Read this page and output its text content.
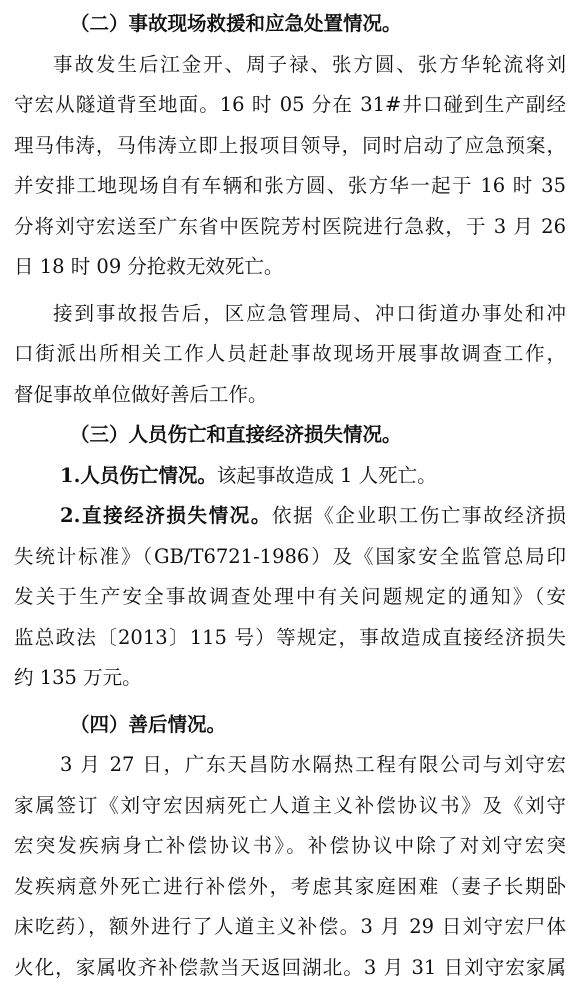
（二）事故现场救援和应急处置情况。
事故发生后江金开、周子禄、张方圆、张方华轮流将刘
守宏从隧道背至地面。16 时 05 分在 31#井口碰到生产副经
理马伟涛，马伟涛立即上报项目领导，同时启动了应急预案，
并安排工地现场自有车辆和张方圆、张方华一起于 16 时 35
分将刘守宏送至广东省中医院芳村医院进行急救，于 3 月 26
日 18 时 09 分抢救无效死亡。
接到事故报告后，区应急管理局、冲口街道办事处和冲
口街派出所相关工作人员赶赴事故现场开展事故调查工作，
督促事故单位做好善后工作。
（三）人员伤亡和直接经济损失情况。
1.人员伤亡情况。该起事故造成 1 人死亡。
2.直接经济损失情况。依据《企业职工伤亡事故经济损
失统计标准》（GB/T6721-1986）及《国家安全监管总局印
发关于生产安全事故调查处理中有关问题规定的通知》（安
监总政法〔2013〕115 号）等规定，事故造成直接经济损失
约 135 万元。
（四）善后情况。
3 月 27 日，广东天昌防水隔热工程有限公司与刘守宏
家属签订《刘守宏因病死亡人道主义补偿协议书》及《刘守
宏突发疾病身亡补偿协议书》。补偿协议中除了对刘守宏突
发疾病意外死亡进行补偿外，考虑其家庭困难（妻子长期卧
床吃药），额外进行了人道主义补偿。3 月 29 日刘守宏尸体
火化，家属收齐补偿款当天返回湖北。3 月 31 日刘守宏家属
